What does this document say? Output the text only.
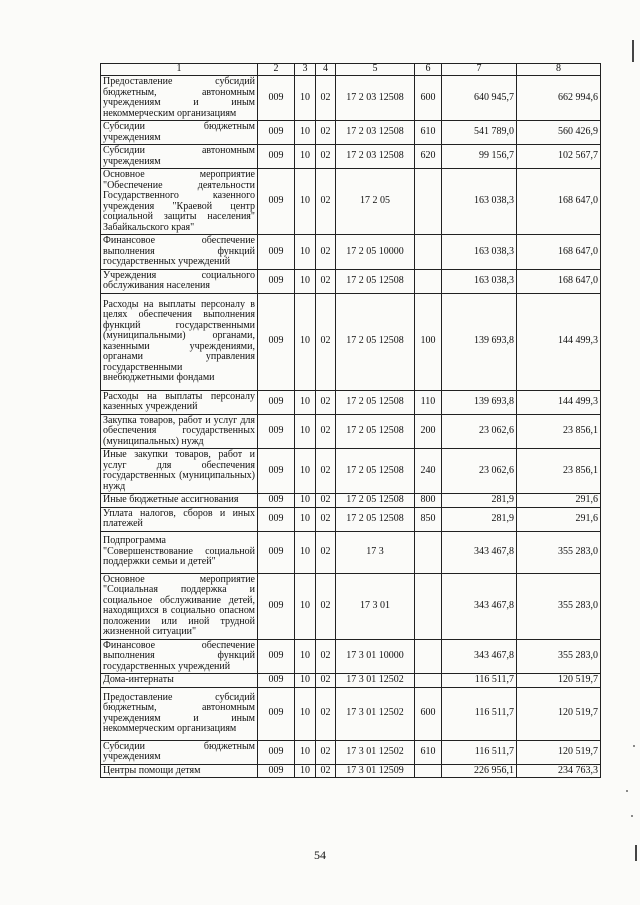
1	2	3	4	5	6	7	8
Предоставление субсидий бюджетным, автономным учреждениям и иным некоммерческим организациям	009	10	02	17 2 03 12508	600	640 945,7	662 994,6
Субсидии бюджетным учреждениям	009	10	02	17 2 03 12508	610	541 789,0	560 426,9
Субсидии автономным учреждениям	009	10	02	17 2 03 12508	620	99 156,7	102 567,7
Основное мероприятие "Обеспечение деятельности Государственного казенного учреждения "Краевой центр социальной защиты населения" Забайкальского края"	009	10	02	17 2 05		163 038,3	168 647,0
Финансовое обеспечение выполнения функций государственных учреждений	009	10	02	17 2 05 10000		163 038,3	168 647,0
Учреждения социального обслуживания населения	009	10	02	17 2 05 12508		163 038,3	168 647,0
Расходы на выплаты персоналу в целях обеспечения выполнения функций государственными (муниципальными) органами, казенными учреждениями, органами управления государственными внебюджетными фондами	009	10	02	17 2 05 12508	100	139 693,8	144 499,3
Расходы на выплаты персоналу казенных учреждений	009	10	02	17 2 05 12508	110	139 693,8	144 499,3
Закупка товаров, работ и услуг для обеспечения государственных (муниципальных) нужд	009	10	02	17 2 05 12508	200	23 062,6	23 856,1
Иные закупки товаров, работ и услуг для обеспечения государственных (муниципальных) нужд	009	10	02	17 2 05 12508	240	23 062,6	23 856,1
Иные бюджетные ассигнования	009	10	02	17 2 05 12508	800	281,9	291,6
Уплата налогов, сборов и иных платежей	009	10	02	17 2 05 12508	850	281,9	291,6
Подпрограмма "Совершенствование социальной поддержки семьи и детей"	009	10	02	17 3		343 467,8	355 283,0
Основное мероприятие "Социальная поддержка и социальное обслуживание детей, находящихся в социально опасном положении или иной трудной жизненной ситуации"	009	10	02	17 3 01		343 467,8	355 283,0
Финансовое обеспечение выполнения функций государственных учреждений	009	10	02	17 3 01 10000		343 467,8	355 283,0
Дома-интернаты	009	10	02	17 3 01 12502		116 511,7	120 519,7
Предоставление субсидий бюджетным, автономным учреждениям и иным некоммерческим организациям	009	10	02	17 3 01 12502	600	116 511,7	120 519,7
Субсидии бюджетным учреждениям	009	10	02	17 3 01 12502	610	116 511,7	120 519,7
Центры помощи детям	009	10	02	17 3 01 12509		226 956,1	234 763,3
54
